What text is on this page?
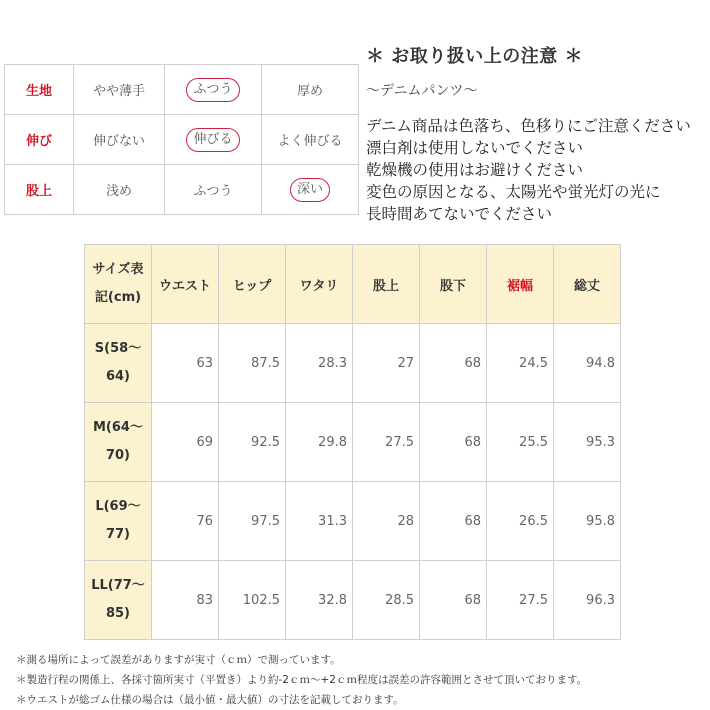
生地	やや薄手	ふつう	厚め
伸び	伸びない	伸びる	よく伸びる
股上	浅め	ふつう	深い
＊ お取り扱い上の注意 ＊
～デニムパンツ～
デニム商品は色落ち、色移りにご注意ください
漂白剤は使用しないでください
乾燥機の使用はお避けください
変色の原因となる、太陽光や蛍光灯の光に
長時間あてないでください
サイズ表
記(cm)	ウエスト	ヒップ	ワタリ	股上	股下	裾幅	総丈

S(58～
64)	63	87.5	28.3	27	68	24.5	94.8

M(64～
70)	69	92.5	29.8	27.5	68	25.5	95.3

L(69～
77)	76	97.5	31.3	28	68	26.5	95.8

LL(77～
85)	83	102.5	32.8	28.5	68	27.5	96.3
＊測る場所によって誤差がありますが実寸（ｃｍ）で測っています。
＊製造行程の関係上、各採寸箇所実寸（平置き）より約-2ｃｍ～+2ｃｍ程度は誤差の許容範囲とさせて頂いております。
＊ウエストが総ゴム仕様の場合は（最小値・最大値）の寸法を記載しております。
